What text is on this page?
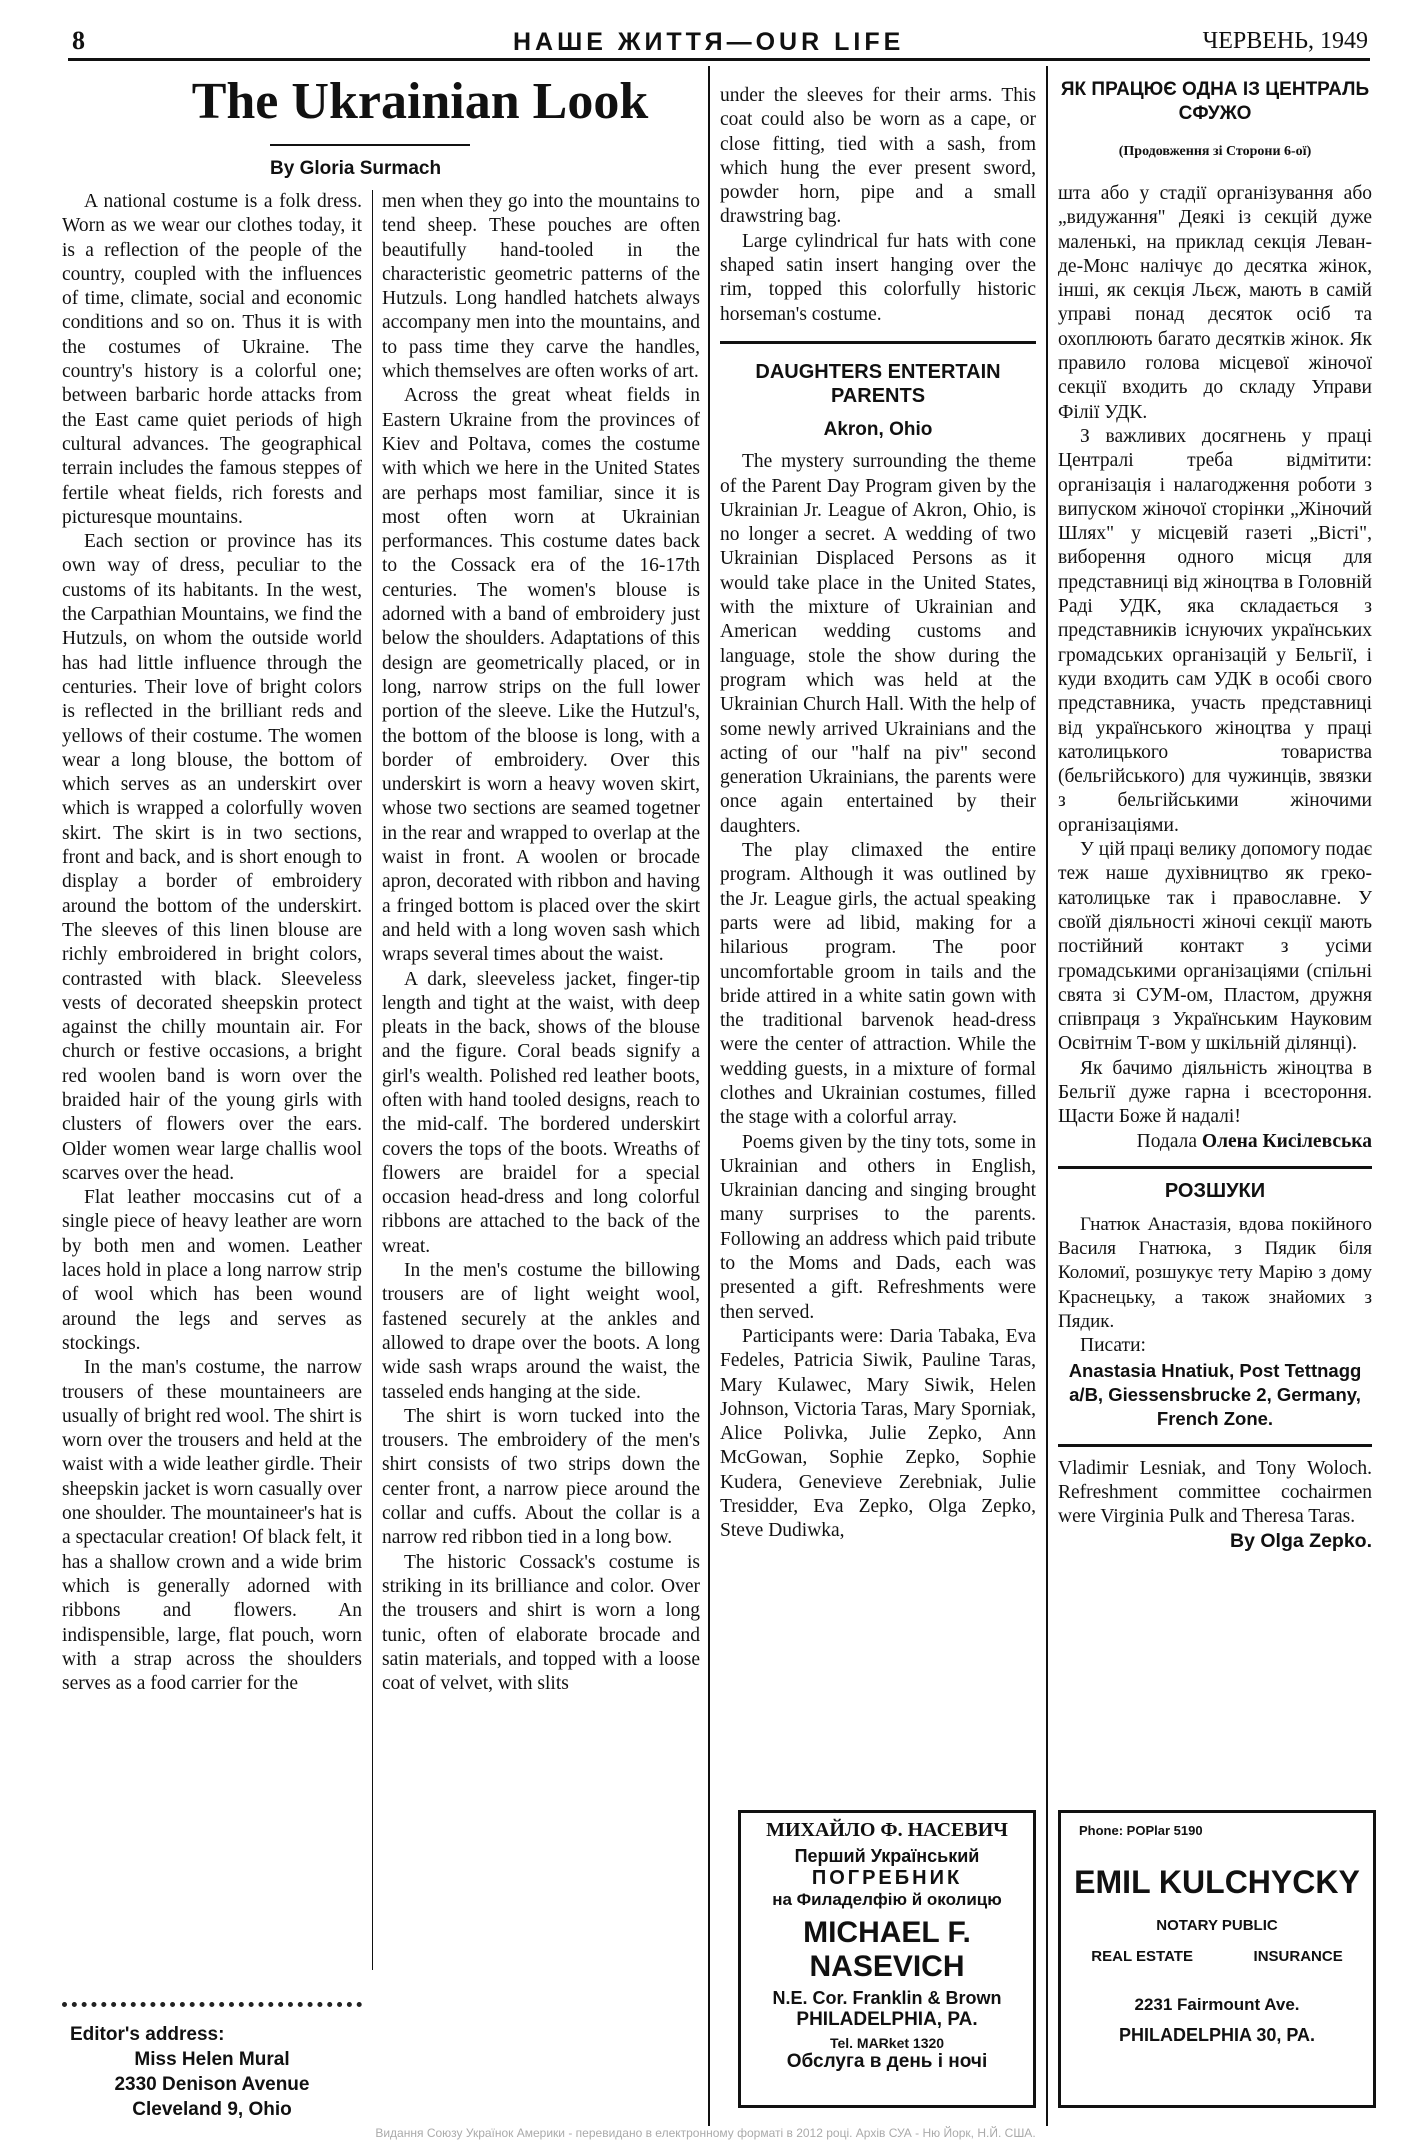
8	НАШЕ ЖИТТЯ—OUR LIFE	ЧЕРВЕНЬ, 1949
The Ukrainian Look
By Gloria Surmach

A national costume is a folk dress. Worn as we wear our clothes today, it is a reflection of the people of the country, coupled with the influences of time, climate, social and economic conditions and so on. Thus it is with the costumes of Ukraine. The country's history is a colorful one; between barbaric horde attacks from the East came quiet periods of high cultural advances. The geographical terrain includes the famous steppes of fertile wheat fields, rich forests and picturesque mountains.

Each section or province has its own way of dress, peculiar to the customs of its habitants. In the west, the Carpathian Mountains, we find the Hutzuls, on whom the outside world has had little influence through the centuries. Their love of bright colors is reflected in the brilliant reds and yellows of their costume. The women wear a long blouse, the bottom of which serves as an underskirt over which is wrapped a colorfully woven skirt. The skirt is in two sections, front and back, and is short enough to display a border of embroidery around the bottom of the underskirt. The sleeves of this linen blouse are richly embroidered in bright colors, contrasted with black. Sleeveless vests of decorated sheepskin protect against the chilly mountain air. For church or festive occasions, a bright red woolen band is worn over the braided hair of the young girls with clusters of flowers over the ears. Older women wear large challis wool scarves over the head.

Flat leather moccasins cut of a single piece of heavy leather are worn by both men and women. Leather laces hold in place a long narrow strip of wool which has been wound around the legs and serves as stockings.

In the man's costume, the narrow trousers of these mountaineers are usually of bright red wool. The shirt is worn over the trousers and held at the waist with a wide leather girdle. Their sheepskin jacket is worn casually over one shoulder. The mountaineer's hat is a spectacular creation! Of black felt, it has a shallow crown and a wide brim which is generally adorned with ribbons and flowers. An indispensible, large, flat pouch, worn with a strap across the shoulders serves as a food carrier for the

Editor's address:
Miss Helen Mural
2330 Denison Avenue
Cleveland 9, Ohio

men when they go into the mountains to tend sheep. These pouches are often beautifully hand-tooled in the characteristic geometric patterns of the Hutzuls. Long handled hatchets always accompany men into the mountains, and to pass time they carve the handles, which themselves are often works of art.

Across the great wheat fields in Eastern Ukraine from the provinces of Kiev and Poltava, comes the costume with which we here in the United States are perhaps most familiar, since it is most often worn at Ukrainian performances. This costume dates back to the Cossack era of the 16-17th centuries. The women's blouse is adorned with a band of embroidery just below the shoulders. Adaptations of this design are geometrically placed, or in long, narrow strips on the full lower portion of the sleeve. Like the Hutzul's, the bottom of the bloose is long, with a border of embroidery. Over this underskirt is worn a heavy woven skirt, whose two sections are seamed togetner in the rear and wrapped to overlap at the waist in front. A woolen or brocade apron, decorated with ribbon and having a fringed bottom is placed over the skirt and held with a long woven sash which wraps several times about the waist.

A dark, sleeveless jacket, finger-tip length and tight at the waist, with deep pleats in the back, shows of the blouse and the figure. Coral beads signify a girl's wealth. Polished red leather boots, often with hand tooled designs, reach to the mid-calf. The bordered underskirt covers the tops of the boots. Wreaths of flowers are braidel for a special occasion head-dress and long colorful ribbons are attached to the back of the wreat.

In the men's costume the billowing trousers are of light weight wool, fastened securely at the ankles and allowed to drape over the boots. A long wide sash wraps around the waist, the tasseled ends hanging at the side.

The shirt is worn tucked into the trousers. The embroidery of the men's shirt consists of two strips down the center front, a narrow piece around the collar and cuffs. About the collar is a narrow red ribbon tied in a long bow.

The historic Cossack's costume is striking in its brilliance and color. Over the trousers and shirt is worn a long tunic, often of elaborate brocade and satin materials, and topped with a loose coat of velvet, with slits

under the sleeves for their arms. This coat could also be worn as a cape, or close fitting, tied with a sash, from which hung the ever present sword, powder horn, pipe and a small drawstring bag.

Large cylindrical fur hats with cone shaped satin insert hanging over the rim, topped this colorfully historic horseman's costume.

DAUGHTERS ENTERTAIN PARENTS
Akron, Ohio

The mystery surrounding the theme of the Parent Day Program given by the Ukrainian Jr. League of Akron, Ohio, is no longer a secret. A wedding of two Ukrainian Displaced Persons as it would take place in the United States, with the mixture of Ukrainian and American wedding customs and language, stole the show during the program which was held at the Ukrainian Church Hall. With the help of some newly arrived Ukrainians and the acting of our "half na piv" second generation Ukrainians, the parents were once again entertained by their daughters.

The play climaxed the entire program. Although it was outlined by the Jr. League girls, the actual speaking parts were ad libid, making for a hilarious program. The poor uncomfortable groom in tails and the bride attired in a white satin gown with the traditional barvenok head-dress were the center of attraction. While the wedding guests, in a mixture of formal clothes and Ukrainian costumes, filled the stage with a colorful array.

Poems given by the tiny tots, some in Ukrainian and others in English, Ukrainian dancing and singing brought many surprises to the parents. Following an address which paid tribute to the Moms and Dads, each was presented a gift. Refreshments were then served.

Participants were: Daria Tabaka, Eva Fedeles, Patricia Siwik, Pauline Taras, Mary Kulawec, Mary Siwik, Helen Johnson, Victoria Taras, Mary Sporniak, Alice Polivka, Julie Zepko, Ann McGowan, Sophie Zepko, Sophie Kudera, Genevieve Zerebniak, Julie Tresidder, Eva Zepko, Olga Zepko, Steve Dudiwka,

МИХАЙЛО Ф. НАСЕВИЧ
Перший Український
ПОГРЕБНИК
на Филаделфію й околицю
MICHAEL F. NASEVICH
N.E. Cor. Franklin & Brown
PHILADELPHIA, PA.
Tel. MARket 1320
Обслуга в день і ночі
ЯК ПРАЦЮЄ ОДНА ІЗ ЦЕНТРАЛЬ СФУЖО
(Продовження зі Сторони 6-ої)

шта або у стадії організування або „видужання" Деякі із секцій дуже маленькі, на приклад секція Леван-де-Монс налічує до десятка жінок, інші, як секція Льєж, мають в самій управі понад десяток осіб та охоплюють багато десятків жінок. Як правило голова місцевої жіночої секції входить до складу Управи Філії УДК.

З важливих досягнень у праці Централі треба відмітити: організація і налагодження роботи з випуском жіночої сторінки „Жіночий Шлях" у місцевій газеті „Вісті", виборення одного місця для представниці від жіноцтва в Головній Раді УДК, яка складається з представників існуючих українських громадських організацій у Бельгії, і куди входить сам УДК в особі свого представника, участь представниці від українського жіноцтва у праці католицького товариства (бельгійського) для чужинців, звязки з бельгійськими жіночими організаціями.

У цій праці велику допомогу подає теж наше духівництво як греко-католицьке так і православне. У своїй діяльності жіночі секції мають постійний контакт з усіми громадськими організаціями (спільні свята зі СУМ-ом, Пластом, дружня співпраця з Українським Науковим Освітнім Т-вом у шкільній ділянці).

Як бачимо діяльність жіноцтва в Бельгії дуже гарна і всестороння. Щасти Боже й надалі!

Подала Олена Кисілевська
РОЗШУКИ

Гнатюк Анастазія, вдова покійного Василя Гнатюка, з Пядик біля Коломиї, розшукує тету Марію з дому Краснецьку, а також знайомих з Пядик.

Писати:

Anastasia Hnatiuk, Post Tettnagg a/B, Giessensbrucke 2, Germany, French Zone.

Vladimir Lesniak, and Tony Woloch. Refreshment committee cochairmen were Virginia Pulk and Theresa Taras.

By Olga Zepko.
Phone: POPlar 5190
EMIL KULCHYCKY
NOTARY PUBLIC
REAL ESTATE	INSURANCE
2231 Fairmount Ave.
PHILADELPHIA 30, PA.
Видання Союзу Українок Америки - перевидано в електронному форматі в 2012 році. Архів СУА - Ню Йорк, Н.Й. США.
